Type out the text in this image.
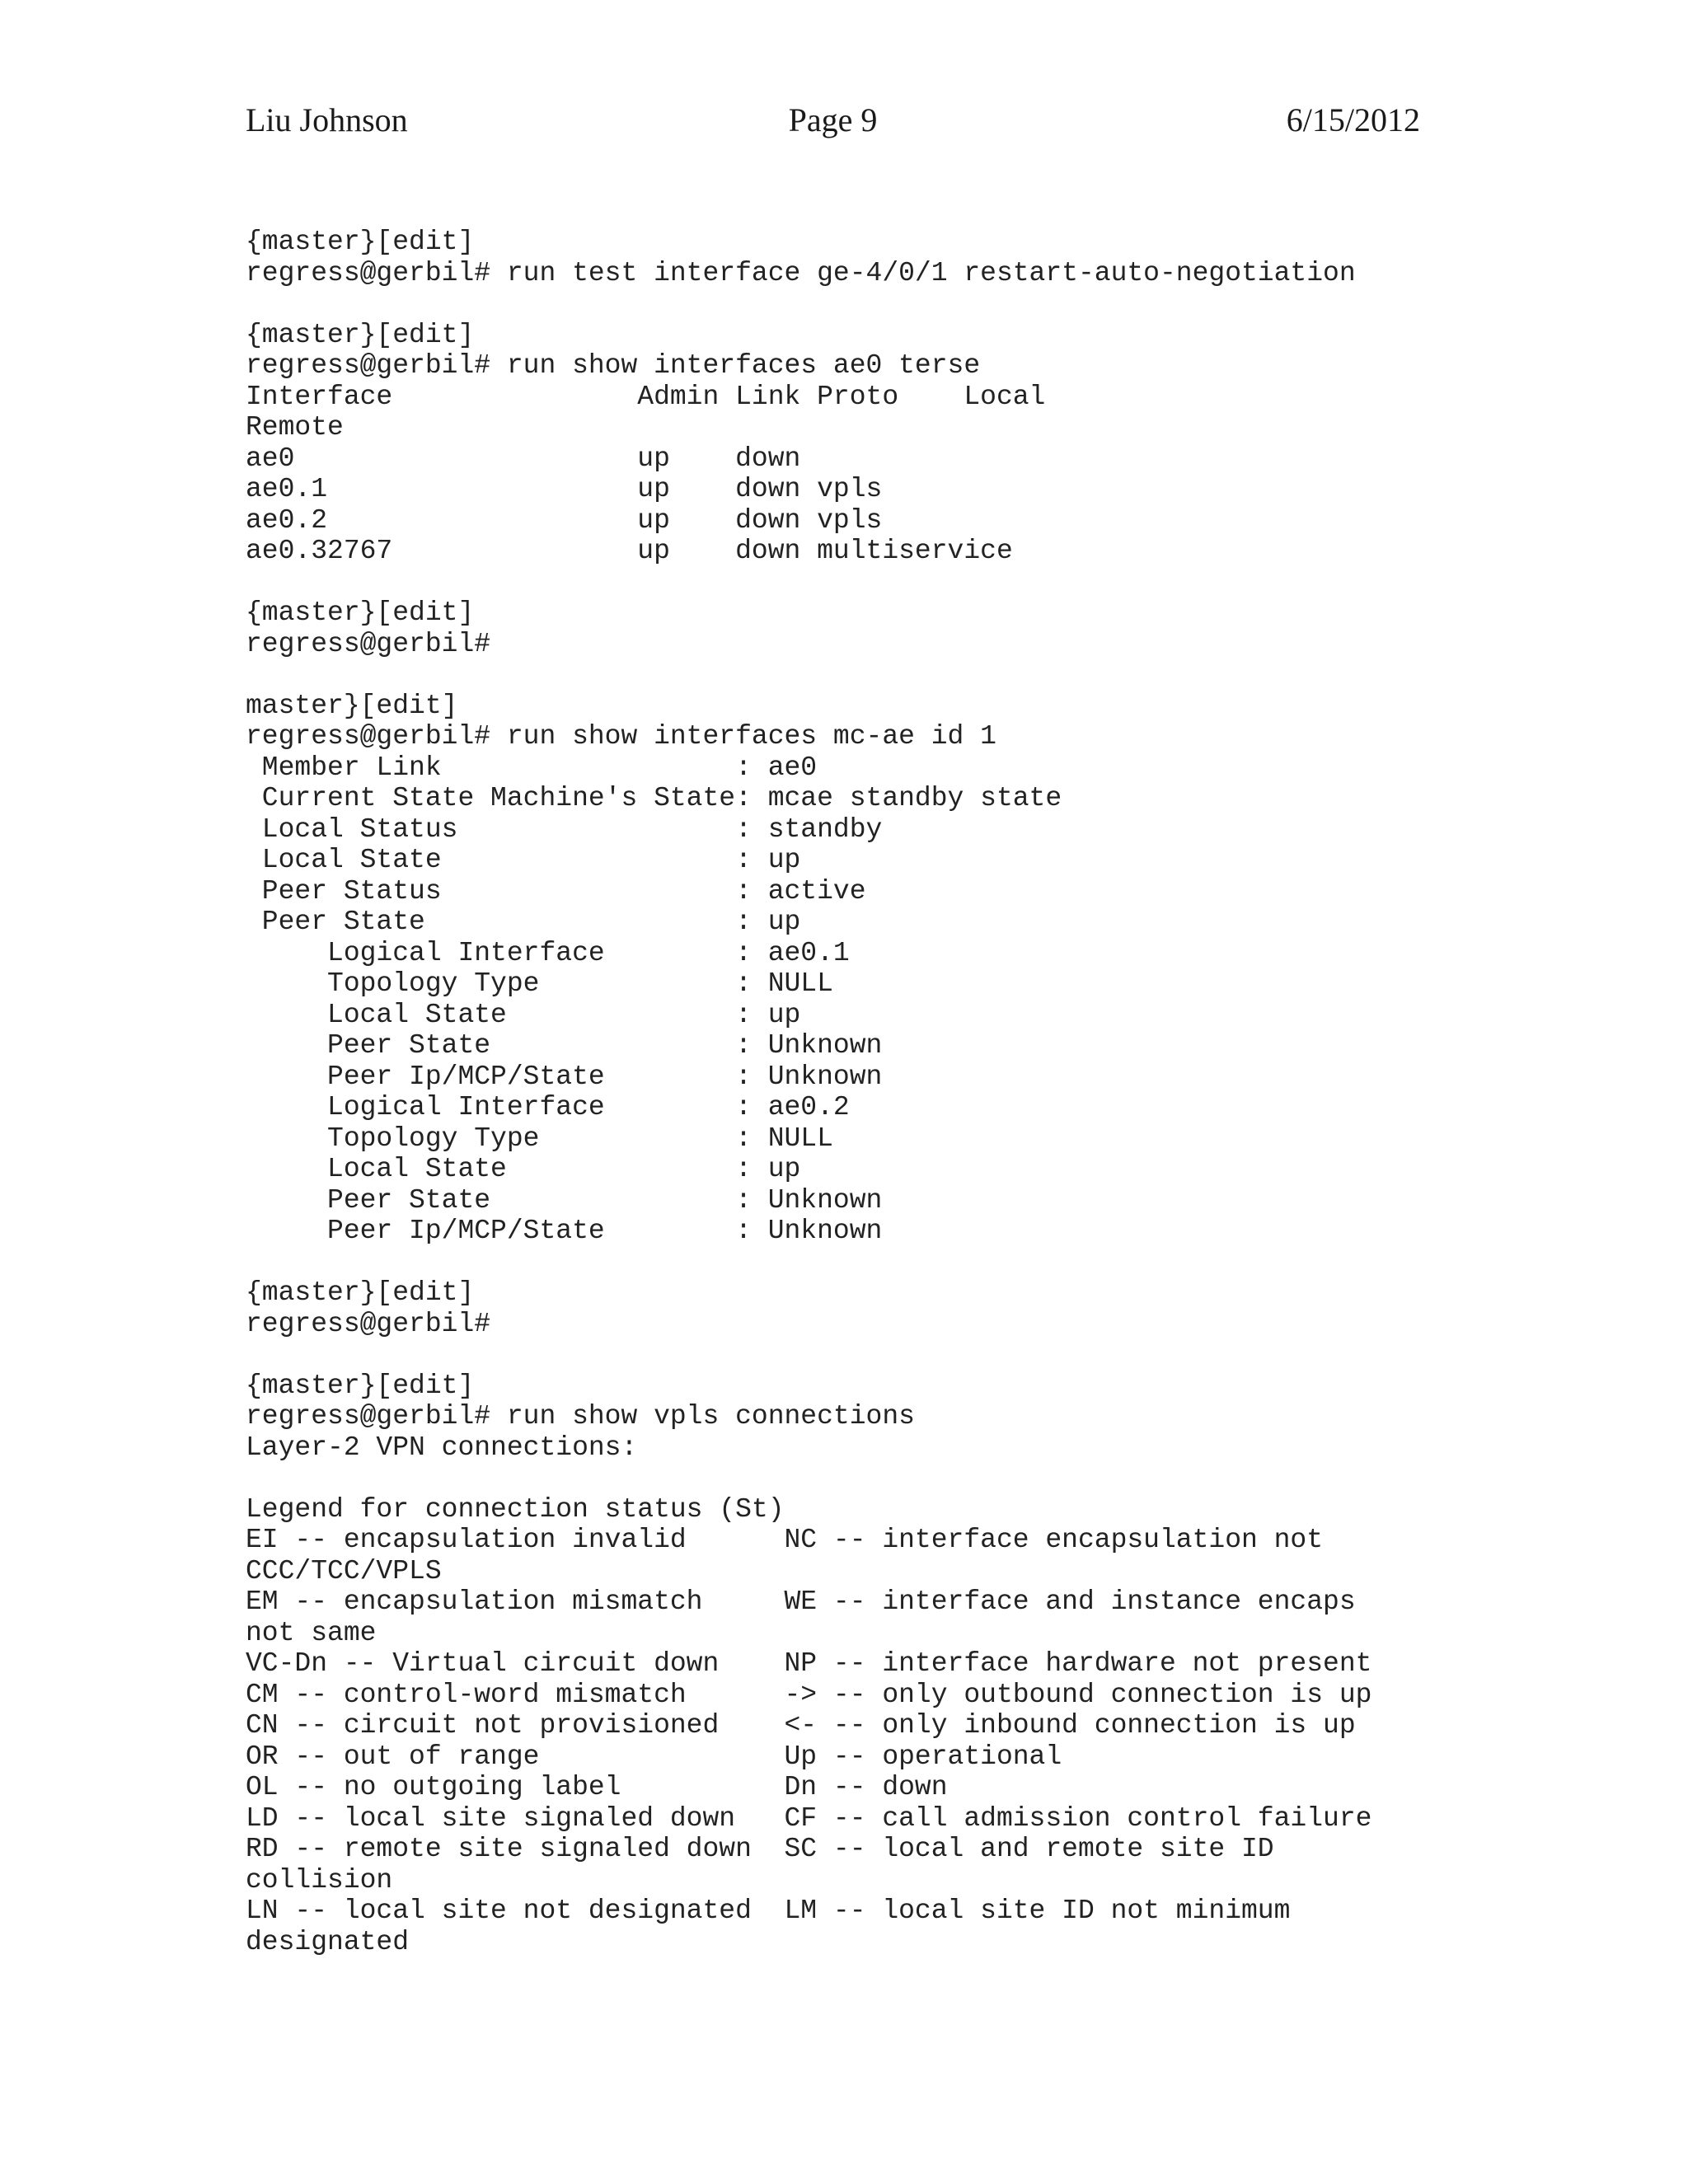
Liu Johnson	Page 9	6/15/2012
{master}[edit]
regress@gerbil# run test interface ge-4/0/1 restart-auto-negotiation
{master}[edit]
regress@gerbil# run show interfaces ae0 terse
Interface               Admin Link Proto    Local
Remote
ae0                     up    down
ae0.1                   up    down vpls
ae0.2                   up    down vpls
ae0.32767               up    down multiservice
{master}[edit]
regress@gerbil#
master}[edit]
regress@gerbil# run show interfaces mc-ae id 1
Member Link                  : ae0
Current State Machine's State: mcae standby state
Local Status                 : standby
Local State                  : up
Peer Status                  : active
Peer State                   : up
Logical Interface        : ae0.1
Topology Type            : NULL
Local State              : up
Peer State               : Unknown
Peer Ip/MCP/State        : Unknown
Logical Interface        : ae0.2
Topology Type            : NULL
Local State              : up
Peer State               : Unknown
Peer Ip/MCP/State        : Unknown
{master}[edit]
regress@gerbil#
{master}[edit]
regress@gerbil# run show vpls connections
Layer-2 VPN connections:
Legend for connection status (St)
EI -- encapsulation invalid      NC -- interface encapsulation not
CCC/TCC/VPLS
EM -- encapsulation mismatch     WE -- interface and instance encaps
not same
VC-Dn -- Virtual circuit down    NP -- interface hardware not present
CM -- control-word mismatch      -> -- only outbound connection is up
CN -- circuit not provisioned    <- -- only inbound connection is up
OR -- out of range               Up -- operational
OL -- no outgoing label          Dn -- down
LD -- local site signaled down   CF -- call admission control failure
RD -- remote site signaled down  SC -- local and remote site ID
collision
LN -- local site not designated  LM -- local site ID not minimum
designated
